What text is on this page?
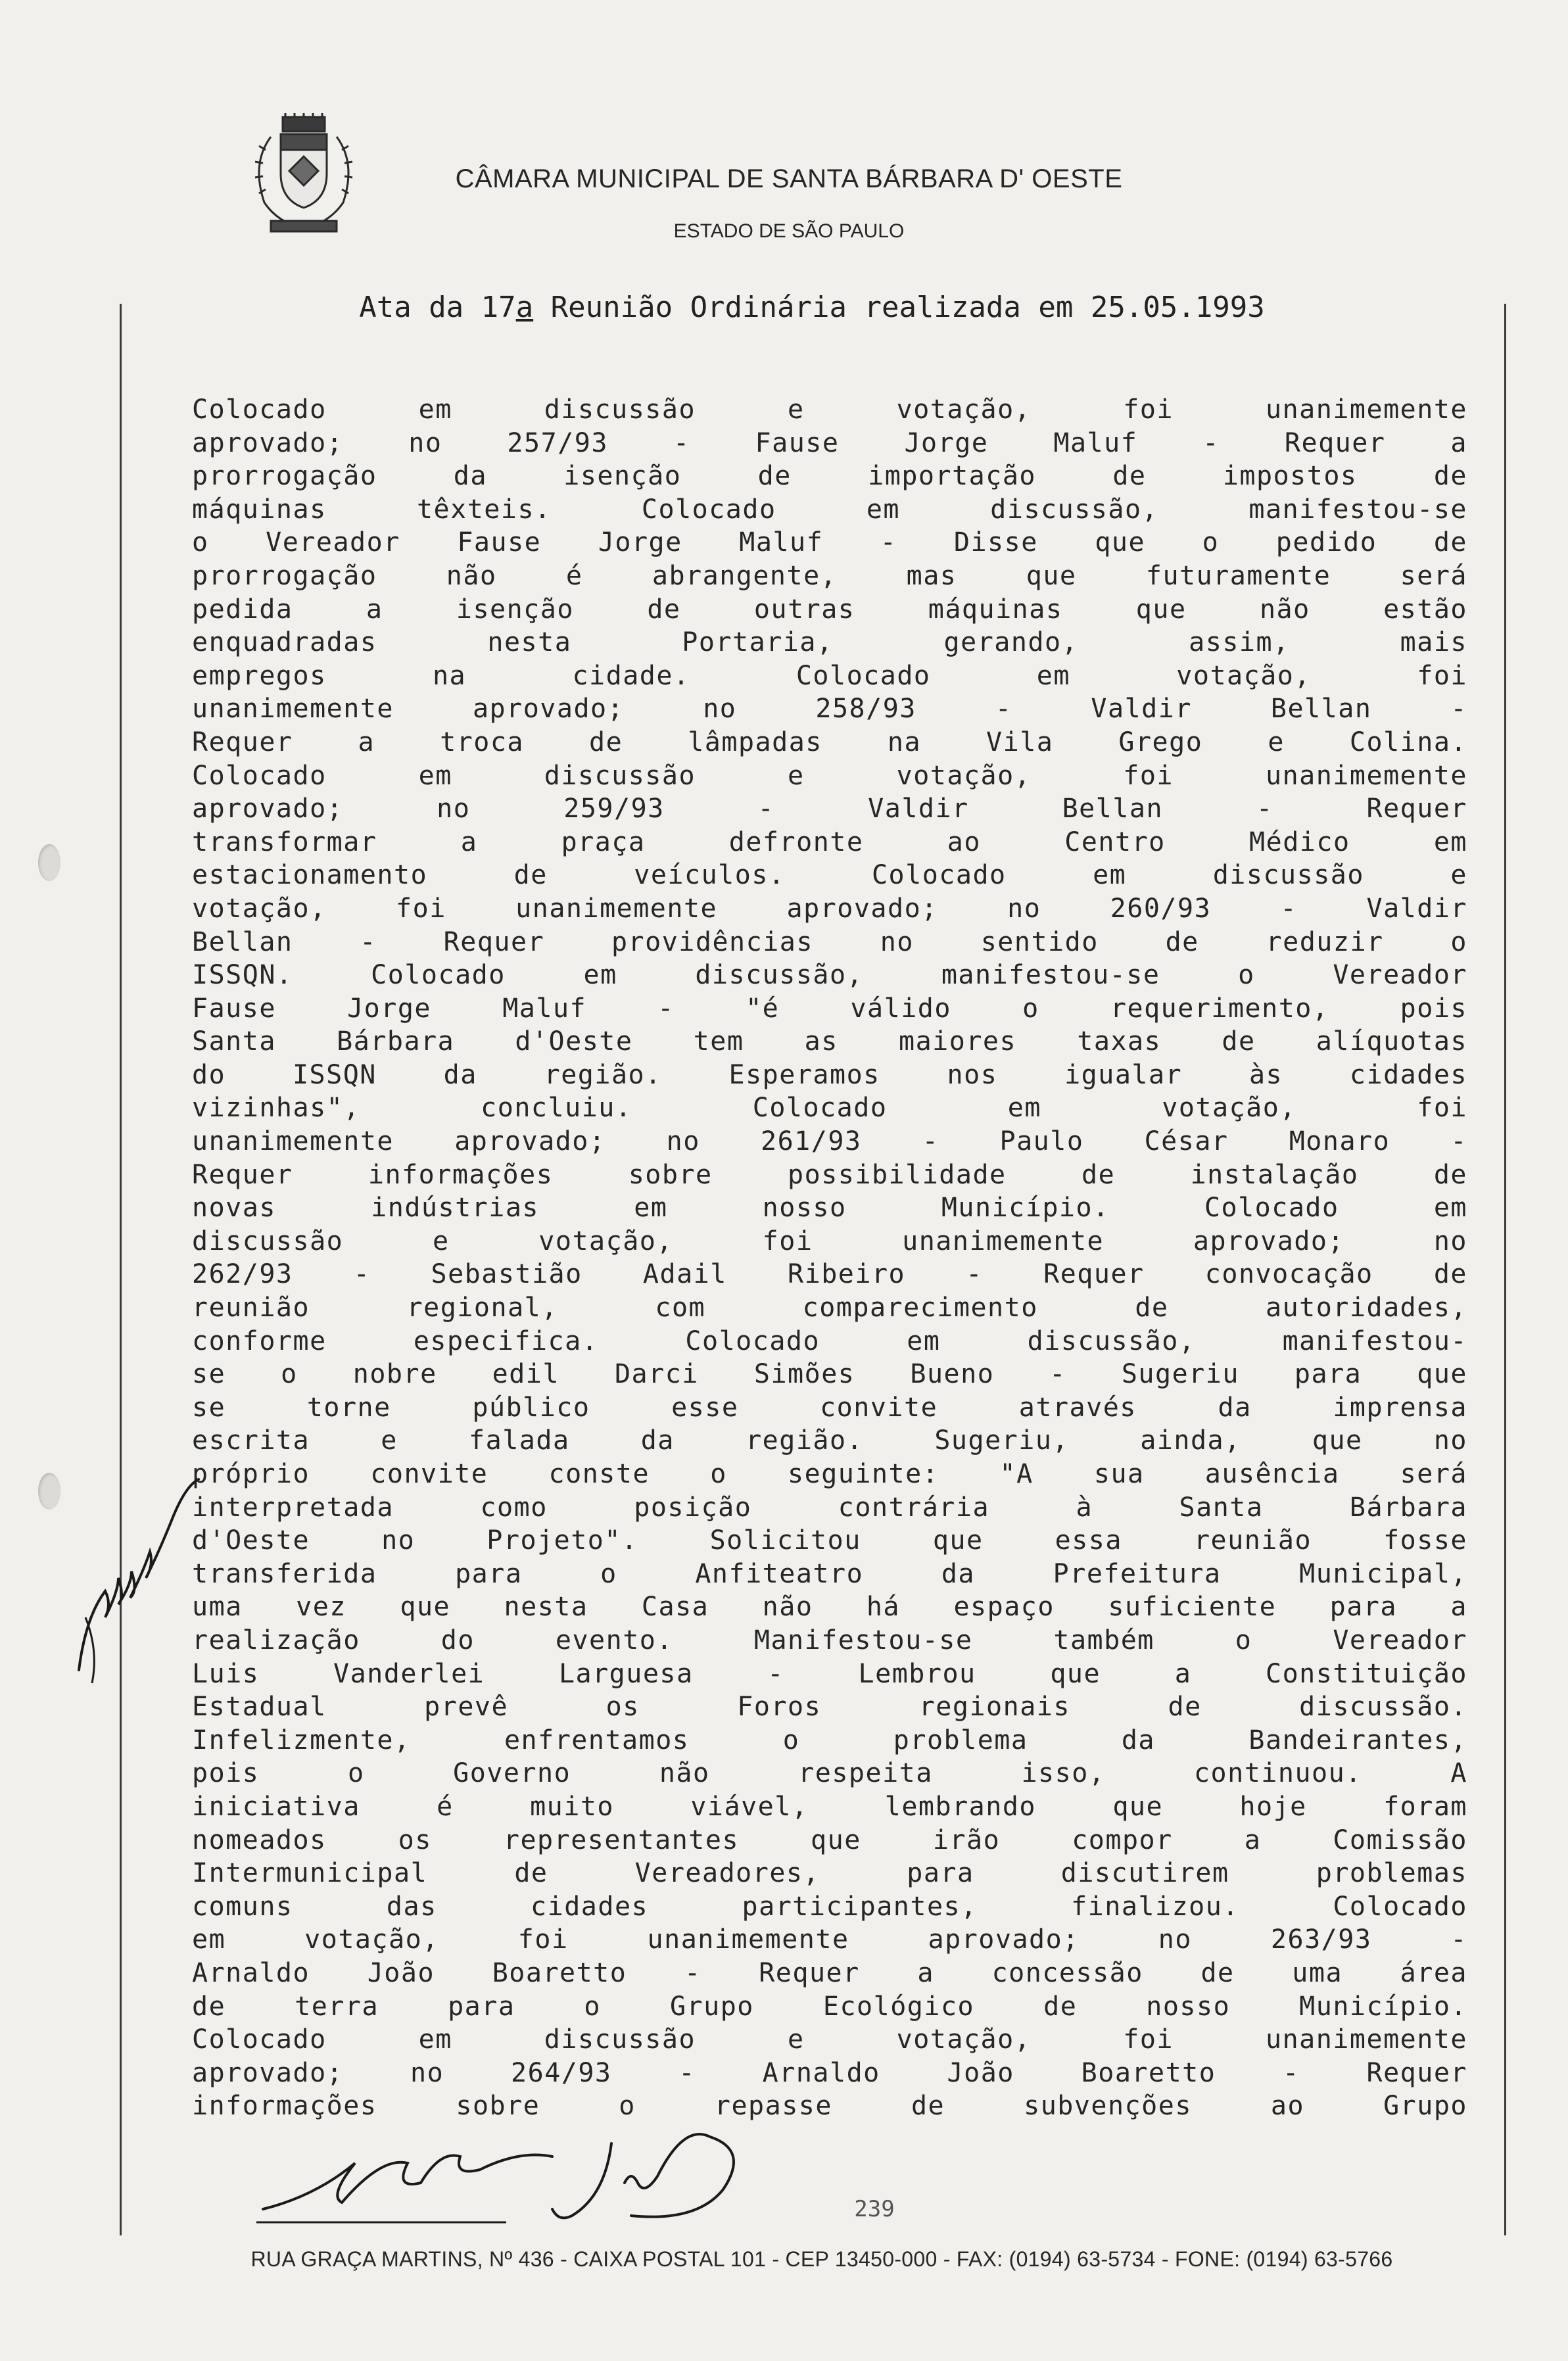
CÂMARA MUNICIPAL DE SANTA BÁRBARA D' OESTE
ESTADO DE SÃO PAULO
Ata da 17a Reunião Ordinária realizada em 25.05.1993
Colocado em discussão e votação, foi unanimemente
aprovado; no 257/93 - Fause Jorge Maluf - Requer a
prorrogação da isenção de importação de impostos de
máquinas têxteis. Colocado em discussão, manifestou-se
o Vereador Fause Jorge Maluf - Disse que o pedido de
prorrogação não é abrangente, mas que futuramente será
pedida a isenção de outras máquinas que não estão
enquadradas nesta Portaria, gerando, assim, mais
empregos na cidade. Colocado em votação, foi
unanimemente aprovado; no 258/93 - Valdir Bellan -
Requer a troca de lâmpadas na Vila Grego e Colina.
Colocado em discussão e votação, foi unanimemente
aprovado; no 259/93 - Valdir Bellan - Requer
transformar a praça defronte ao Centro Médico em
estacionamento de veículos. Colocado em discussão e
votação, foi unanimemente aprovado; no 260/93 - Valdir
Bellan - Requer providências no sentido de reduzir o
ISSQN. Colocado em discussão, manifestou-se o Vereador
Fause Jorge Maluf - "é válido o requerimento, pois
Santa Bárbara d'Oeste tem as maiores taxas de alíquotas
do ISSQN da região. Esperamos nos igualar às cidades
vizinhas", concluiu. Colocado em votação, foi
unanimemente aprovado; no 261/93 - Paulo César Monaro -
Requer informações sobre possibilidade de instalação de
novas indústrias em nosso Município. Colocado em
discussão e votação, foi unanimemente aprovado; no
262/93 - Sebastião Adail Ribeiro - Requer convocação de
reunião regional, com comparecimento de autoridades,
conforme especifica. Colocado em discussão, manifestou-
se o nobre edil Darci Simões Bueno - Sugeriu para que
se torne público esse convite através da imprensa
escrita e falada da região. Sugeriu, ainda, que no
próprio convite conste o seguinte: "A sua ausência será
interpretada como posição contrária à Santa Bárbara
d'Oeste no Projeto". Solicitou que essa reunião fosse
transferida para o Anfiteatro da Prefeitura Municipal,
uma vez que nesta Casa não há espaço suficiente para a
realização do evento. Manifestou-se também o Vereador
Luis Vanderlei Larguesa - Lembrou que a Constituição
Estadual prevê os Foros regionais de discussão.
Infelizmente, enfrentamos o problema da Bandeirantes,
pois o Governo não respeita isso, continuou. A
iniciativa é muito viável, lembrando que hoje foram
nomeados os representantes que irão compor a Comissão
Intermunicipal de Vereadores, para discutirem problemas
comuns das cidades participantes, finalizou. Colocado
em votação, foi unanimemente aprovado; no 263/93 -
Arnaldo João Boaretto - Requer a concessão de uma área
de terra para o Grupo Ecológico de nosso Município.
Colocado em discussão e votação, foi unanimemente
aprovado; no 264/93 - Arnaldo João Boaretto - Requer
informações sobre o repasse de subvenções ao Grupo
239
RUA GRAÇA MARTINS, Nº 436 - CAIXA POSTAL 101 - CEP 13450-000 - FAX: (0194) 63-5734 - FONE: (0194) 63-5766
